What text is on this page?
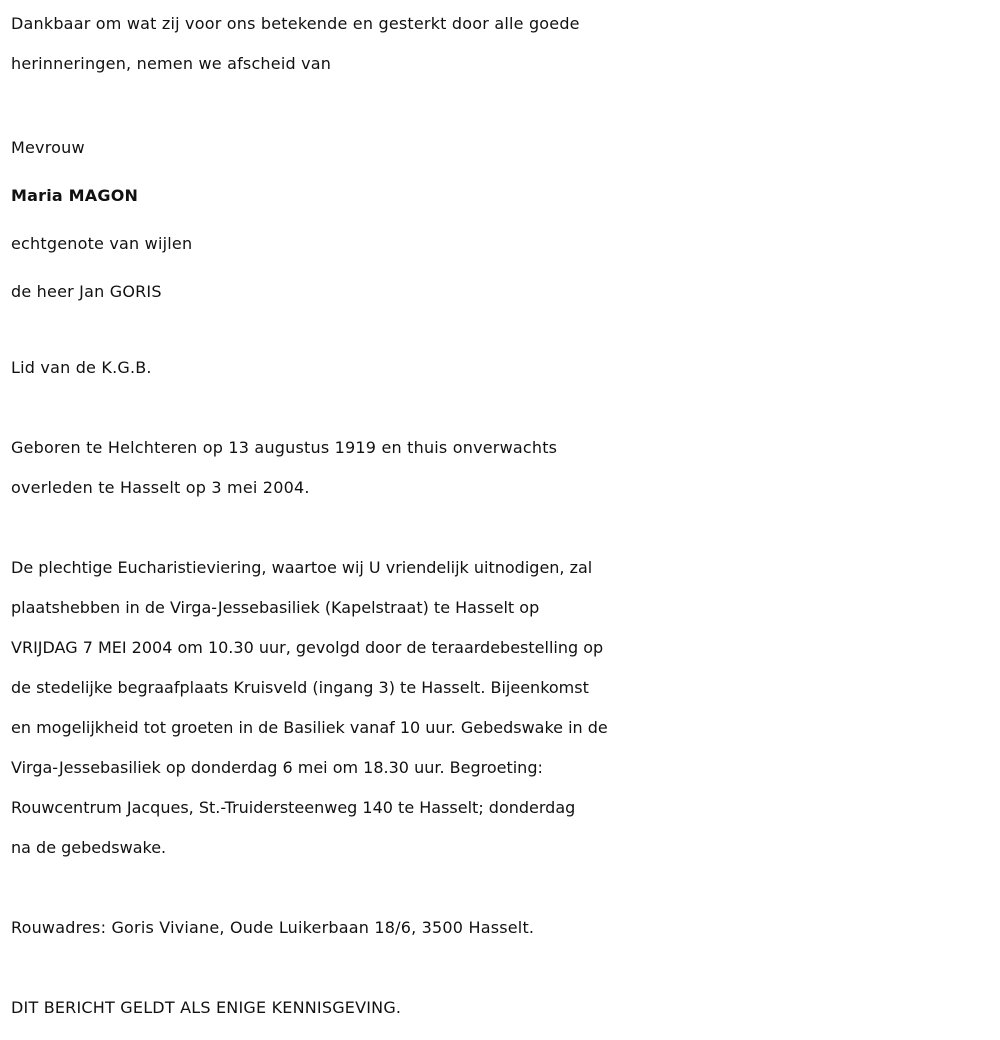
Dankbaar om wat zij voor ons betekende en gesterkt door alle goede
herinneringen, nemen we afscheid van
Mevrouw
Maria MAGON
echtgenote van wijlen
de heer Jan GORIS
Lid van de K.G.B.
Geboren te Helchteren op 13 augustus 1919 en thuis onverwachts
overleden te Hasselt op 3 mei 2004.
De plechtige Eucharistieviering, waartoe wij U vriendelijk uitnodigen, zal
plaatshebben in de Virga-Jessebasiliek (Kapelstraat) te Hasselt op
VRIJDAG 7 MEI 2004 om 10.30 uur, gevolgd door de teraardebestelling op
de stedelijke begraafplaats Kruisveld (ingang 3) te Hasselt. Bijeenkomst
en mogelijkheid tot groeten in de Basiliek vanaf 10 uur. Gebedswake in de
Virga-Jessebasiliek op donderdag 6 mei om 18.30 uur. Begroeting:
Rouwcentrum Jacques, St.-Truidersteenweg 140 te Hasselt; donderdag
na de gebedswake.
Rouwadres: Goris Viviane, Oude Luikerbaan 18/6, 3500 Hasselt.
DIT BERICHT GELDT ALS ENIGE KENNISGEVING.
